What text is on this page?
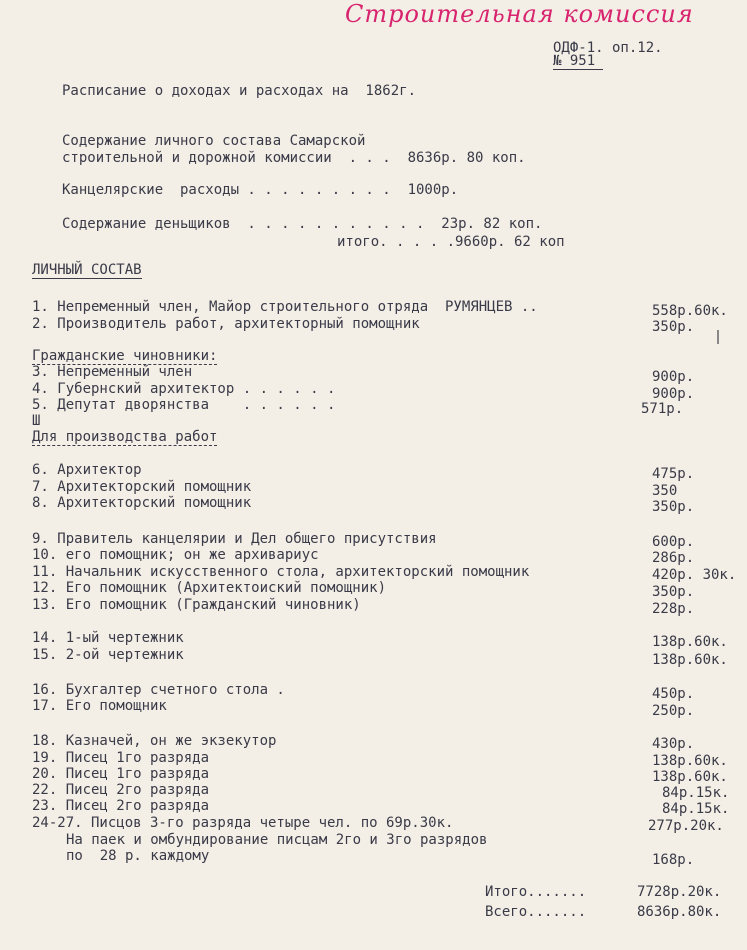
Строительная комиссия
ОДФ-1. оп.12.
№ 951
Расписание о доходах и расходах на  1862г.
Содержание личного состава Самарской
строительной и дорожной комиссии  . . .  8636р. 80 коп.
Канцелярские  расходы . . . . . . . . .  1000р.
Содержание деньщиков  . . . . . . . . . . .  23р. 82 коп.
итого. . . . .9660р. 62 коп
ЛИЧНЫЙ СОСТАВ
1. Непременный член, Майор строительного отряда  РУМЯНЦЕВ ..	558р.60к.
2. Производитель работ, архитекторный помощник	350р.
Гражданские чиновники:
3. Непременный член	900р.
4. Губернский архитектор . . . . . .	900р.
5. Депутат дворянства    . . . . . .	571р.
Ш
Для производства работ
6. Архитектор	475р.
7. Архитекторский помощник	350
8. Архитекторский помощник	350р.
9. Правитель канцелярии и Дел общего присутствия	600р.
10. его помощник; он же архивариус	286р.
11. Начальник искусственного стола, архитекторский помощник	420р. 30к.
12. Его помощник (Архитектоиский помощник)	350р.
13. Его помощник (Гражданский чиновник)	228р.
14. 1-ый чертежник	138р.60к.
15. 2-ой чертежник	138р.60к.
16. Бухгалтер счетного стола .	450р.
17. Его помощник	250р.
18. Казначей, он же экзекутор	430р.
19. Писец 1го разряда	138р.60к.
20. Писец 1го разряда	138р.60к.
22. Писец 2го разряда	84р.15к.
23. Писец 2го разряда	84р.15к.
24-27. Писцов 3-го разряда четыре чел. по 69р.30к.	277р.20к.
На паек и омбундирование писцам 2го и 3го разрядов
по  28 р. каждому	168р.
Итого.......	7728р.20к.
Всего.......	8636р.80к.
